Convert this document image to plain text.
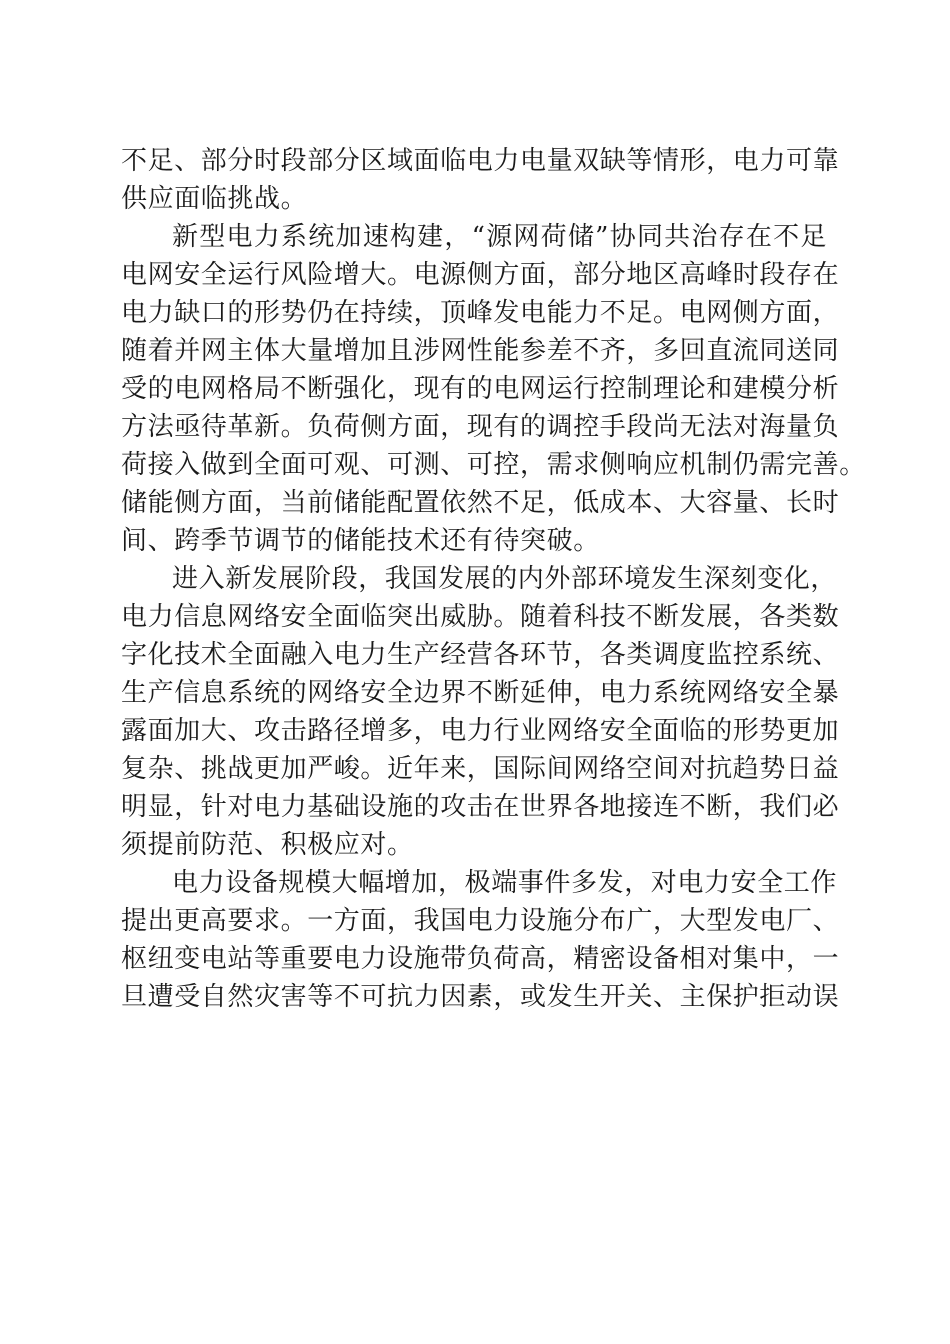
不足、部分时段部分区域面临电力电量双缺等情形，电力可靠
供应面临挑战。
新型电力系统加速构建，“源网荷储”协同共治存在不足
电网安全运行风险增大。电源侧方面，部分地区高峰时段存在
电力缺口的形势仍在持续，顶峰发电能力不足。电网侧方面，
随着并网主体大量增加且涉网性能参差不齐，多回直流同送同
受的电网格局不断强化，现有的电网运行控制理论和建模分析
方法亟待革新。负荷侧方面，现有的调控手段尚无法对海量负
荷接入做到全面可观、可测、可控，需求侧响应机制仍需完善。
储能侧方面，当前储能配置依然不足，低成本、大容量、长时
间、跨季节调节的储能技术还有待突破。
进入新发展阶段，我国发展的内外部环境发生深刻变化，
电力信息网络安全面临突出威胁。随着科技不断发展，各类数
字化技术全面融入电力生产经营各环节，各类调度监控系统、
生产信息系统的网络安全边界不断延伸，电力系统网络安全暴
露面加大、攻击路径增多，电力行业网络安全面临的形势更加
复杂、挑战更加严峻。近年来，国际间网络空间对抗趋势日益
明显，针对电力基础设施的攻击在世界各地接连不断，我们必
须提前防范、积极应对。
电力设备规模大幅增加，极端事件多发，对电力安全工作
提出更高要求。一方面，我国电力设施分布广，大型发电厂、
枢纽变电站等重要电力设施带负荷高，精密设备相对集中，一
旦遭受自然灾害等不可抗力因素，或发生开关、主保护拒动误
